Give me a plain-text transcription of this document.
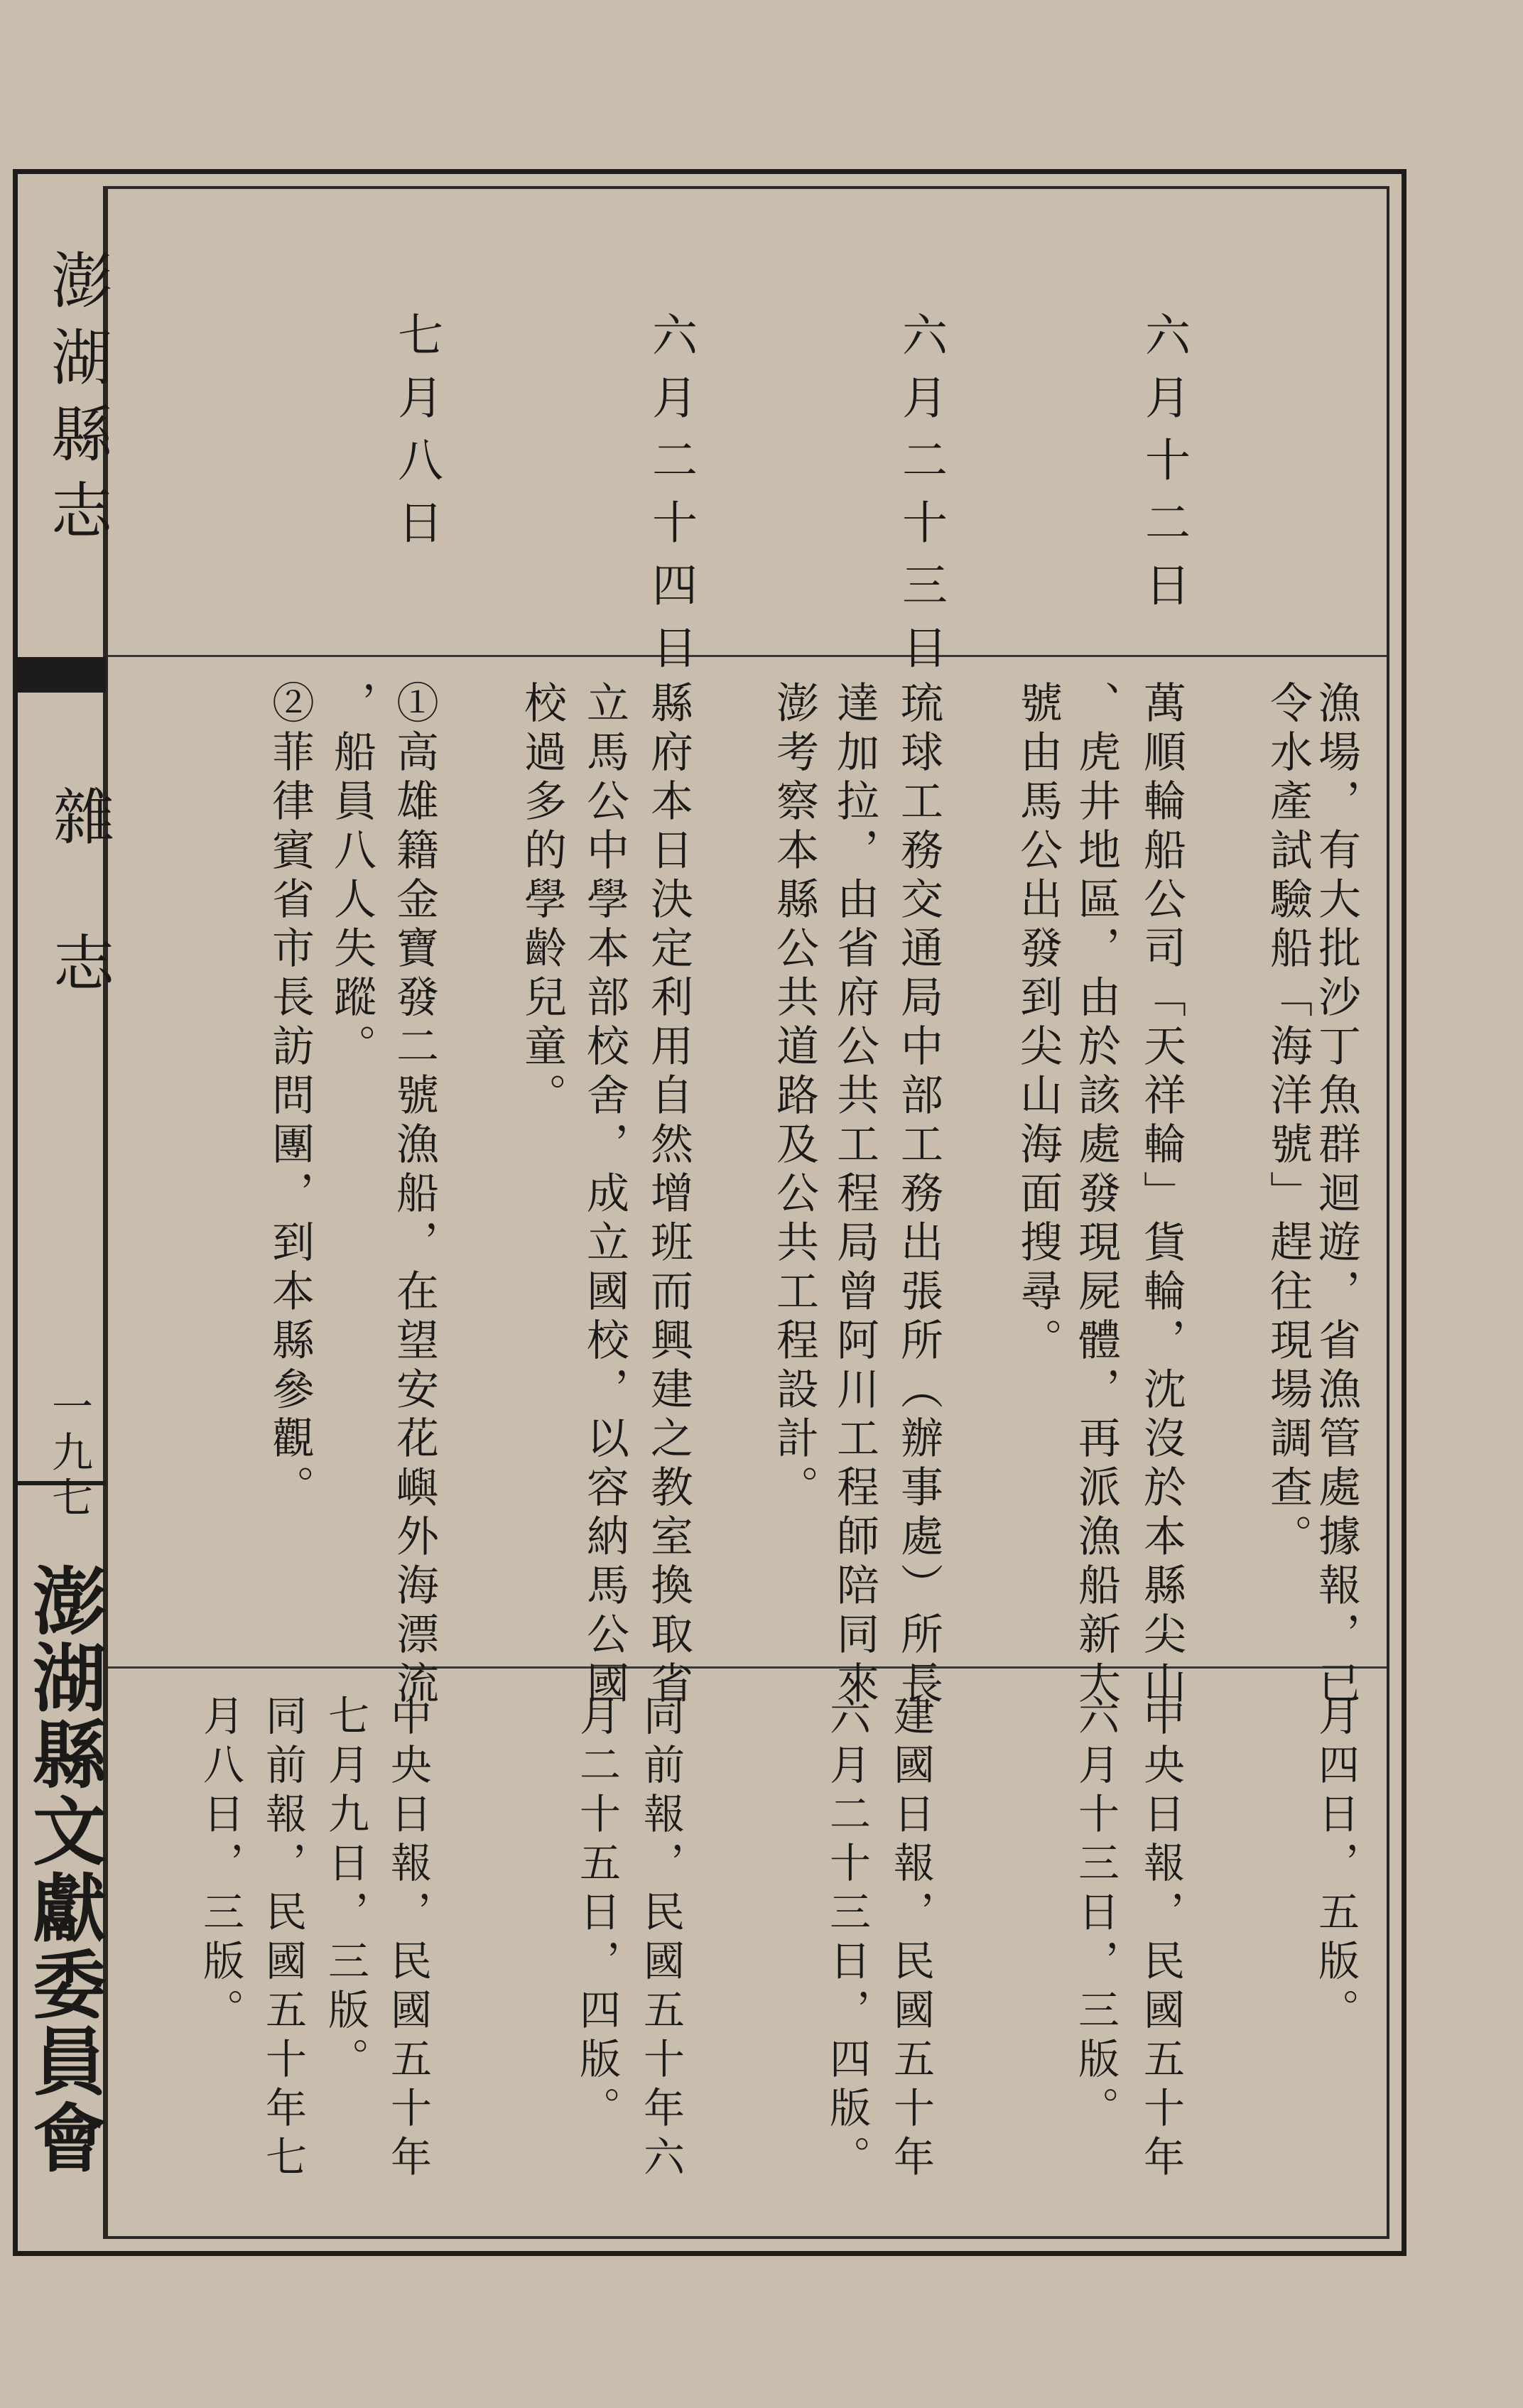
澎湖縣志
雜志
一九七
澎湖縣文獻委員會
六月十二日
漁場，有大批沙丁魚群迴遊，省漁管處據報，已
令水產試驗船「海洋號」趕往現場調查。
月四日，五版。
萬順輪船公司「天祥輪」貨輪，沈沒於本縣尖山
、虎井地區，由於該處發現屍體，再派漁船新大
號由馬公出發到尖山海面搜尋。
中央日報，民國五十年
六月十三日，三版。
六月二十三日
琉球工務交通局中部工務出張所（辦事處）所長
達加拉，由省府公共工程局曾阿川工程師陪同來
澎考察本縣公共道路及公共工程設計。
建國日報，民國五十年
六月二十三日，四版。
六月二十四日
縣府本日決定利用自然增班而興建之教室換取省
立馬公中學本部校舍，成立國校，以容納馬公國
校過多的學齡兒童。
同前報，民國五十年六
月二十五日，四版。
七月八日
①高雄籍金寶發二號漁船，在望安花嶼外海漂流
，船員八人失蹤。
②菲律賓省市長訪問團，到本縣參觀。
中央日報，民國五十年
七月九日，三版。
同前報，民國五十年七
月八日，三版。
